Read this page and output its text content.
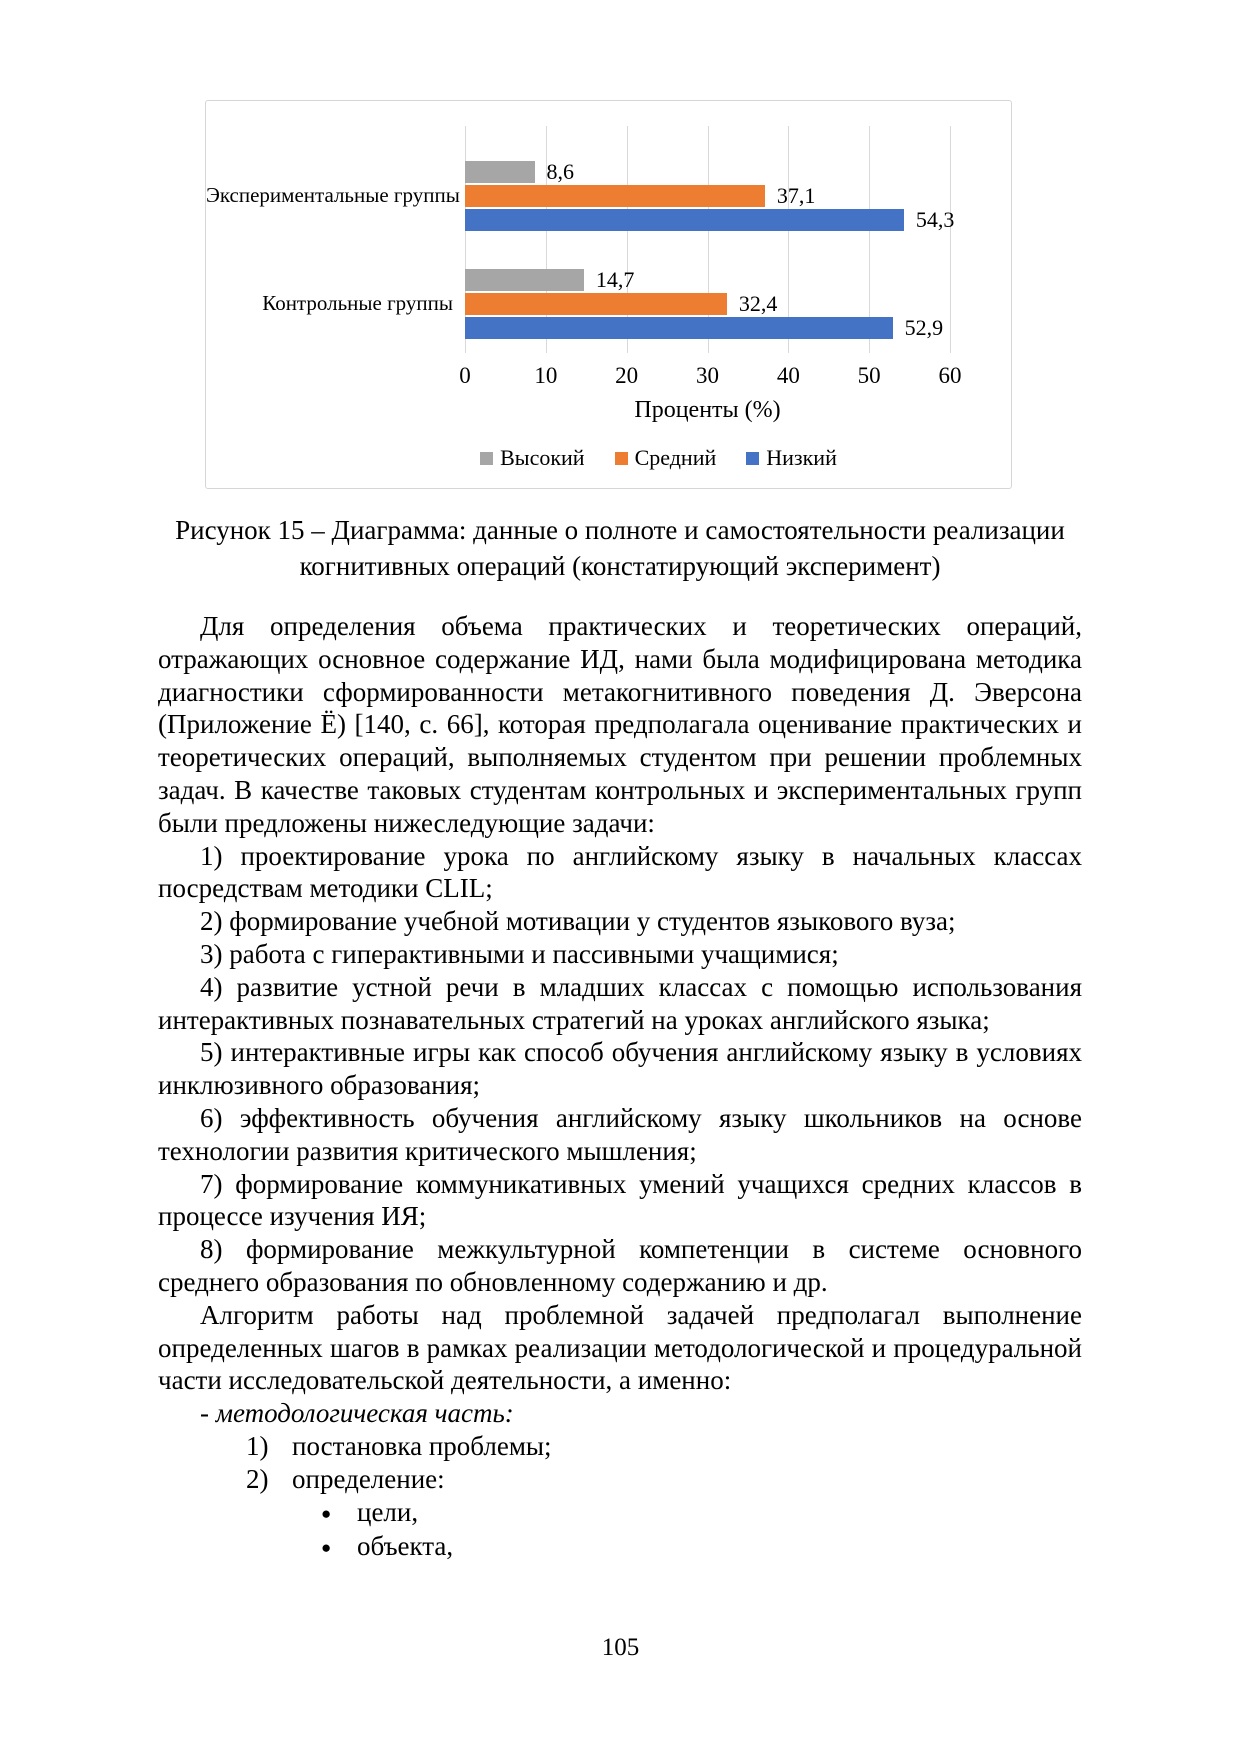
8,6
37,1
54,3
Экспериментальные группы
14,7
32,4
52,9
Контрольные группы
0	10	20	30	40	50	60
Проценты (%)
Высокий Средний Низкий
Рисунок 15 – Диаграмма: данные о полноте и самостоятельности реализации
когнитивных операций (констатирующий эксперимент)

Для определения объема практических и теоретических операций, отражающих основное содержание ИД, нами была модифицирована методика диагностики сформированности метакогнитивного поведения Д. Эверсона (Приложение Ё) [140, с. 66], которая предполагала оценивание практических и теоретических операций, выполняемых студентом при решении проблемных задач. В качестве таковых студентам контрольных и экспериментальных групп были предложены нижеследующие задачи:

1) проектирование урока по английскому языку в начальных классах посредствам методики CLIL;

2) формирование учебной мотивации у студентов языкового вуза;

3) работа с гиперактивными и пассивными учащимися;

4) развитие устной речи в младших классах с помощью использования интерактивных познавательных стратегий на уроках английского языка;

5) интерактивные игры как способ обучения английскому языку в условиях инклюзивного образования;

6) эффективность обучения английскому языку школьников на основе технологии развития критического мышления;

7) формирование коммуникативных умений учащихся средних классов в процессе изучения ИЯ;

8) формирование межкультурной компетенции в системе основного среднего образования по обновленному содержанию и др.

Алгоритм работы над проблемной задачей предполагал выполнение определенных шагов в рамках реализации методологической и процедуральной части исследовательской деятельности, а именно:

- методологическая часть:

1) постановка проблемы;

2) определение:

● цели,

● объекта,

105
